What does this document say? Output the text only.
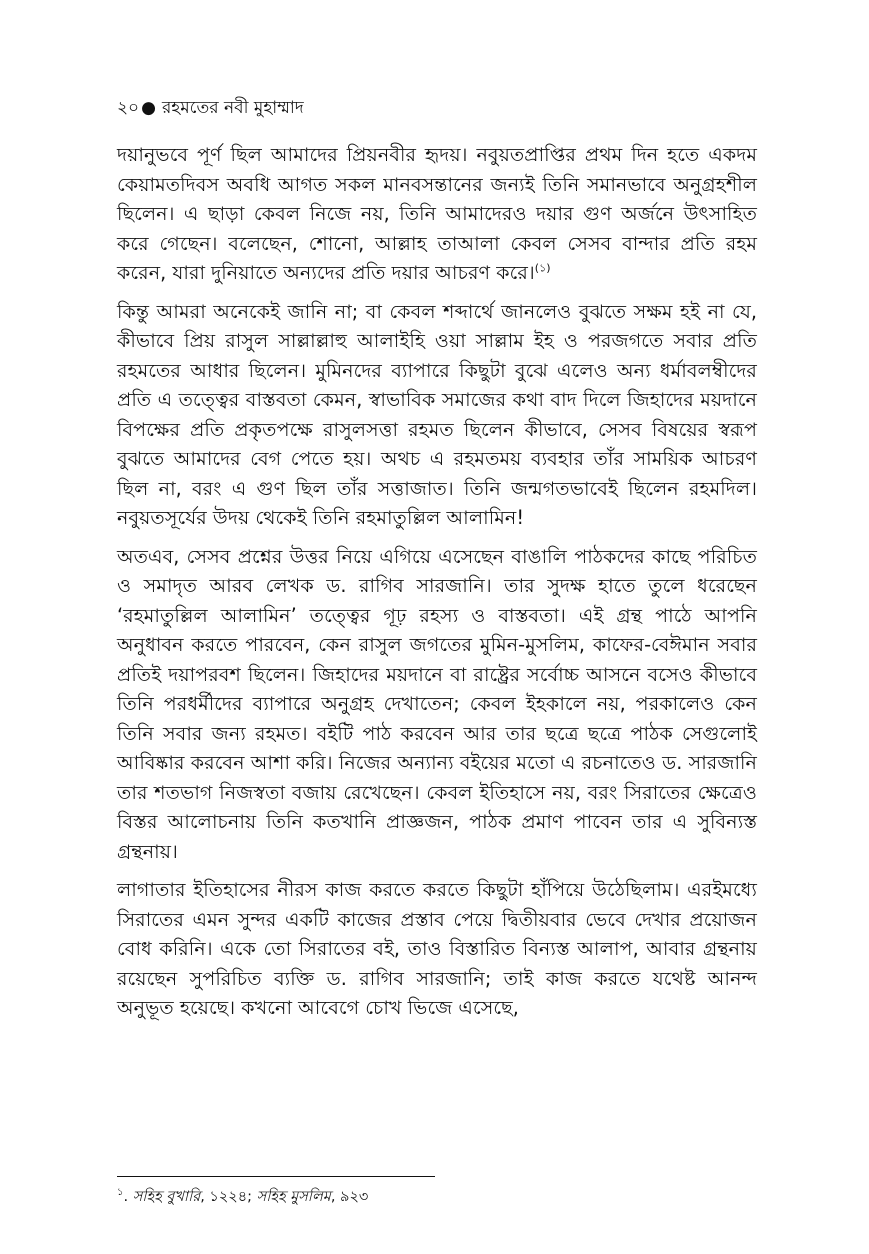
২০ ● রহমতের নবী মুহাম্মাদ

দয়ানুভবে পূর্ণ ছিল আমাদের প্রিয়নবীর হৃদয়। নবুয়তপ্রাপ্তির প্রথম দিন হতে একদম কেয়ামতদিবস অবধি আগত সকল মানবসন্তানের জন্যই তিনি সমানভাবে অনুগ্রহশীল ছিলেন। এ ছাড়া কেবল নিজে নয়, তিনি আমাদেরও দয়ার গুণ অর্জনে উৎসাহিত করে গেছেন। বলেছেন, শোনো, আল্লাহ তাআলা কেবল সেসব বান্দার প্রতি রহম করেন, যারা দুনিয়াতে অন্যদের প্রতি দয়ার আচরণ করে।$^{(১)}$

কিন্তু আমরা অনেকেই জানি না; বা কেবল শব্দার্থে জানলেও বুঝতে সক্ষম হই না যে, কীভাবে প্রিয় রাসুল সাল্লাল্লাহু আলাইহি ওয়া সাল্লাম ইহ ও পরজগতে সবার প্রতি রহমতের আধার ছিলেন। মুমিনদের ব্যাপারে কিছুটা বুঝে এলেও অন্য ধর্মাবলম্বীদের প্রতি এ তত্ত্বের বাস্তবতা কেমন, স্বাভাবিক সমাজের কথা বাদ দিলে জিহাদের ময়দানে বিপক্ষের প্রতি প্রকৃতপক্ষে রাসুলসত্তা রহমত ছিলেন কীভাবে, সেসব বিষয়ের স্বরূপ বুঝতে আমাদের বেগ পেতে হয়। অথচ এ রহমতময় ব্যবহার তাঁর সাময়িক আচরণ ছিল না, বরং এ গুণ ছিল তাঁর সত্তাজাত। তিনি জন্মগতভাবেই ছিলেন রহমদিল। নবুয়তসূর্যের উদয় থেকেই তিনি রহমাতুল্লিল আলামিন!

অতএব, সেসব প্রশ্নের উত্তর নিয়ে এগিয়ে এসেছেন বাঙালি পাঠকদের কাছে পরিচিত ও সমাদৃত আরব লেখক ড. রাগিব সারজানি। তার সুদক্ষ হাতে তুলে ধরেছেন ‘রহমাতুল্লিল আলামিন’ তত্ত্বের গূঢ় রহস্য ও বাস্তবতা। এই গ্রন্থ পাঠে আপনি অনুধাবন করতে পারবেন, কেন রাসুল জগতের মুমিন-মুসলিম, কাফের-বেঈমান সবার প্রতিই দয়াপরবশ ছিলেন। জিহাদের ময়দানে বা রাষ্ট্রের সর্বোচ্চ আসনে বসেও কীভাবে তিনি পরধর্মীদের ব্যাপারে অনুগ্রহ দেখাতেন; কেবল ইহকালে নয়, পরকালেও কেন তিনি সবার জন্য রহমত। বইটি পাঠ করবেন আর তার ছত্রে ছত্রে পাঠক সেগুলোই আবিষ্কার করবেন আশা করি। নিজের অন্যান্য বইয়ের মতো এ রচনাতেও ড. সারজানি তার শতভাগ নিজস্বতা বজায় রেখেছেন। কেবল ইতিহাসে নয়, বরং সিরাতের ক্ষেত্রেও বিস্তর আলোচনায় তিনি কতখানি প্রাজ্ঞজন, পাঠক প্রমাণ পাবেন তার এ সুবিন্যস্ত গ্রন্থনায়।

লাগাতার ইতিহাসের নীরস কাজ করতে করতে কিছুটা হাঁপিয়ে উঠেছিলাম। এরইমধ্যে সিরাতের এমন সুন্দর একটি কাজের প্রস্তাব পেয়ে দ্বিতীয়বার ভেবে দেখার প্রয়োজন বোধ করিনি। একে তো সিরাতের বই, তাও বিস্তারিত বিন্যস্ত আলাপ, আবার গ্রন্থনায় রয়েছেন সুপরিচিত ব্যক্তি ড. রাগিব সারজানি; তাই কাজ করতে যথেষ্ট আনন্দ অনুভূত হয়েছে। কখনো আবেগে চোখ ভিজে এসেছে,

$^১$. সহিহ বুখারি, ১২২৪; সহিহ মুসলিম, ৯২৩
